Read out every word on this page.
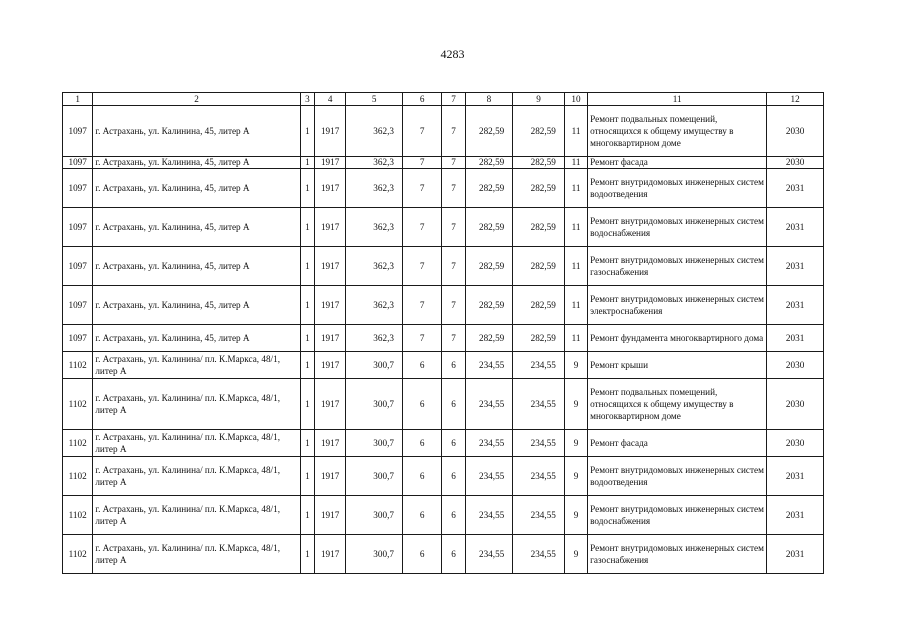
4283
1	2	3	4	5	6	7	8	9	10	11	12
1097	г. Астрахань, ул. Калинина, 45, литер А	1	1917	362,3	7	7	282,59	282,59	11	Ремонт подвальных помещений, относящихся к общему имуществу в многоквартирном доме	2030
1097	г. Астрахань, ул. Калинина, 45, литер А	1	1917	362,3	7	7	282,59	282,59	11	Ремонт фасада	2030
1097	г. Астрахань, ул. Калинина, 45, литер А	1	1917	362,3	7	7	282,59	282,59	11	Ремонт внутридомовых инженерных систем водоотведения	2031
1097	г. Астрахань, ул. Калинина, 45, литер А	1	1917	362,3	7	7	282,59	282,59	11	Ремонт внутридомовых инженерных систем водоснабжения	2031
1097	г. Астрахань, ул. Калинина, 45, литер А	1	1917	362,3	7	7	282,59	282,59	11	Ремонт внутридомовых инженерных систем газоснабжения	2031
1097	г. Астрахань, ул. Калинина, 45, литер А	1	1917	362,3	7	7	282,59	282,59	11	Ремонт внутридомовых инженерных систем электроснабжения	2031
1097	г. Астрахань, ул. Калинина, 45, литер А	1	1917	362,3	7	7	282,59	282,59	11	Ремонт фундамента многоквартирного дома	2031
1102	г. Астрахань, ул. Калинина/ пл. К.Маркса, 48/1, литер А	1	1917	300,7	6	6	234,55	234,55	9	Ремонт крыши	2030
1102	г. Астрахань, ул. Калинина/ пл. К.Маркса, 48/1, литер А	1	1917	300,7	6	6	234,55	234,55	9	Ремонт подвальных помещений, относящихся к общему имуществу в многоквартирном доме	2030
1102	г. Астрахань, ул. Калинина/ пл. К.Маркса, 48/1, литер А	1	1917	300,7	6	6	234,55	234,55	9	Ремонт фасада	2030
1102	г. Астрахань, ул. Калинина/ пл. К.Маркса, 48/1, литер А	1	1917	300,7	6	6	234,55	234,55	9	Ремонт внутридомовых инженерных систем водоотведения	2031
1102	г. Астрахань, ул. Калинина/ пл. К.Маркса, 48/1, литер А	1	1917	300,7	6	6	234,55	234,55	9	Ремонт внутридомовых инженерных систем водоснабжения	2031
1102	г. Астрахань, ул. Калинина/ пл. К.Маркса, 48/1, литер А	1	1917	300,7	6	6	234,55	234,55	9	Ремонт внутридомовых инженерных систем газоснабжения	2031
